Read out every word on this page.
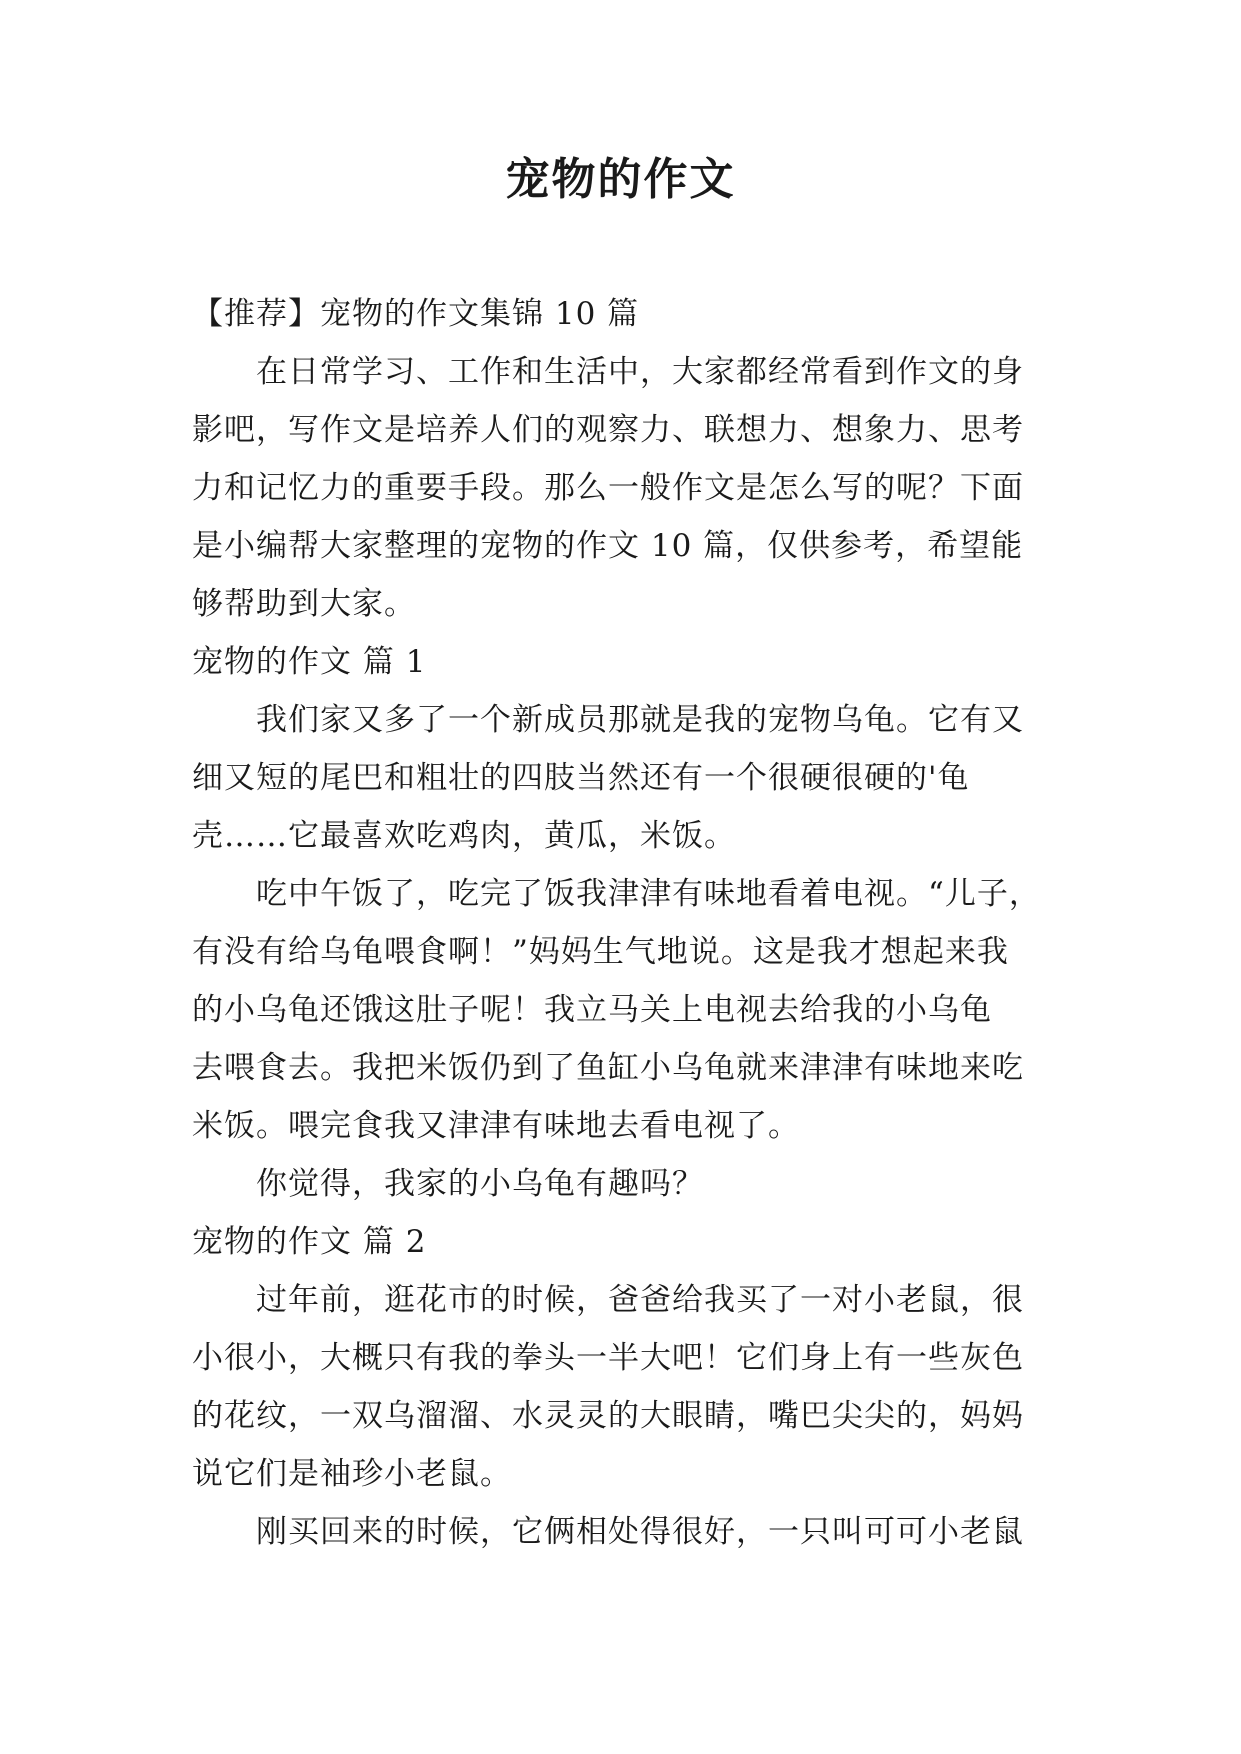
宠物的作文
【推荐】宠物的作文集锦 10 篇
在日常学习、工作和生活中，大家都经常看到作文的身
影吧，写作文是培养人们的观察力、联想力、想象力、思考
力和记忆力的重要手段。那么一般作文是怎么写的呢？下面
是小编帮大家整理的宠物的作文 10 篇，仅供参考，希望能
够帮助到大家。
宠物的作文 篇 1
我们家又多了一个新成员那就是我的宠物乌龟。它有又
细又短的尾巴和粗壮的四肢当然还有一个很硬很硬的'龟
壳……它最喜欢吃鸡肉，黄瓜，米饭。
吃中午饭了，吃完了饭我津津有味地看着电视。“儿子，
有没有给乌龟喂食啊！”妈妈生气地说。这是我才想起来我
的小乌龟还饿这肚子呢！我立马关上电视去给我的小乌龟
去喂食去。我把米饭仍到了鱼缸小乌龟就来津津有味地来吃
米饭。喂完食我又津津有味地去看电视了。
你觉得，我家的小乌龟有趣吗？
宠物的作文 篇 2
过年前，逛花市的时候，爸爸给我买了一对小老鼠，很
小很小，大概只有我的拳头一半大吧！它们身上有一些灰色
的花纹，一双乌溜溜、水灵灵的大眼睛，嘴巴尖尖的，妈妈
说它们是袖珍小老鼠。
刚买回来的时候，它俩相处得很好，一只叫可可小老鼠
